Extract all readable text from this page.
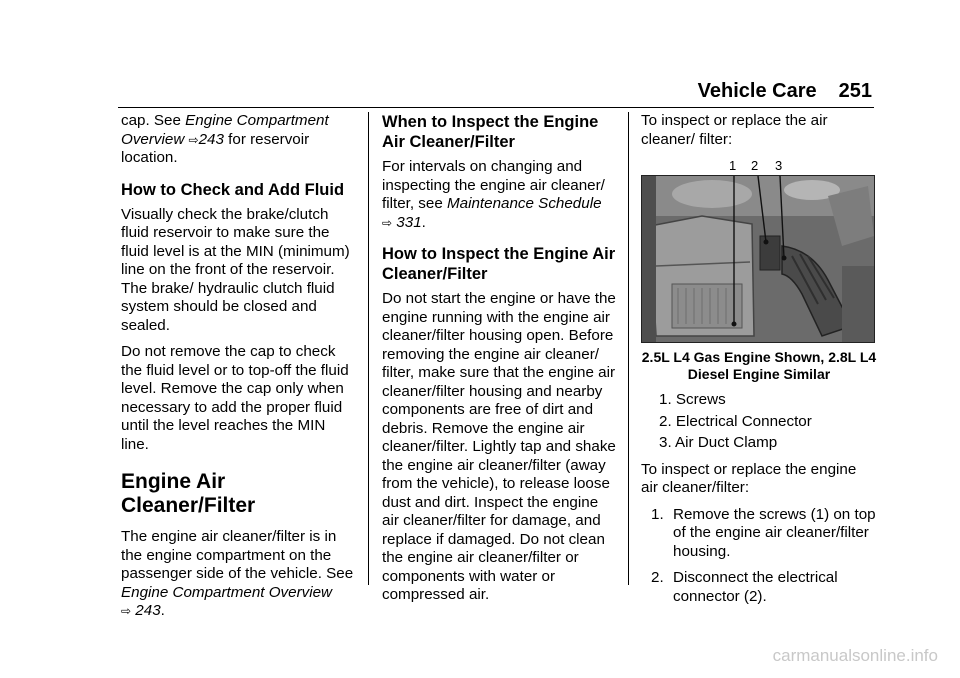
Vehicle Care 251

cap. See Engine Compartment Overview ⇨243 for reservoir location.

How to Check and Add Fluid

Visually check the brake/clutch fluid reservoir to make sure the fluid level is at the MIN (minimum) line on the front of the reservoir. The brake/ hydraulic clutch fluid system should be closed and sealed.

Do not remove the cap to check the fluid level or to top-off the fluid level. Remove the cap only when necessary to add the proper fluid until the level reaches the MIN line.

Engine Air Cleaner/Filter

The engine air cleaner/filter is in the engine compartment on the passenger side of the vehicle. See Engine Compartment Overview
⇨ 243.

When to Inspect the Engine Air Cleaner/Filter

For intervals on changing and inspecting the engine air cleaner/ filter, see Maintenance Schedule
⇨ 331.

How to Inspect the Engine Air Cleaner/Filter

Do not start the engine or have the engine running with the engine air cleaner/filter housing open. Before removing the engine air cleaner/ filter, make sure that the engine air cleaner/filter housing and nearby components are free of dirt and debris. Remove the engine air cleaner/filter. Lightly tap and shake the engine air cleaner/filter (away from the vehicle), to release loose dust and dirt. Inspect the engine air cleaner/filter for damage, and replace if damaged. Do not clean the engine air cleaner/filter or components with water or compressed air.

To inspect or replace the air cleaner/ filter:

1 2 3
2.5L L4 Gas Engine Shown, 2.8L L4 Diesel Engine Similar
1. Screws
2. Electrical Connector
3. Air Duct Clamp

To inspect or replace the engine air cleaner/filter:

1. Remove the screws (1) on top of the engine air cleaner/filter housing.
2. Disconnect the electrical connector (2).
carmanualsonline.info
